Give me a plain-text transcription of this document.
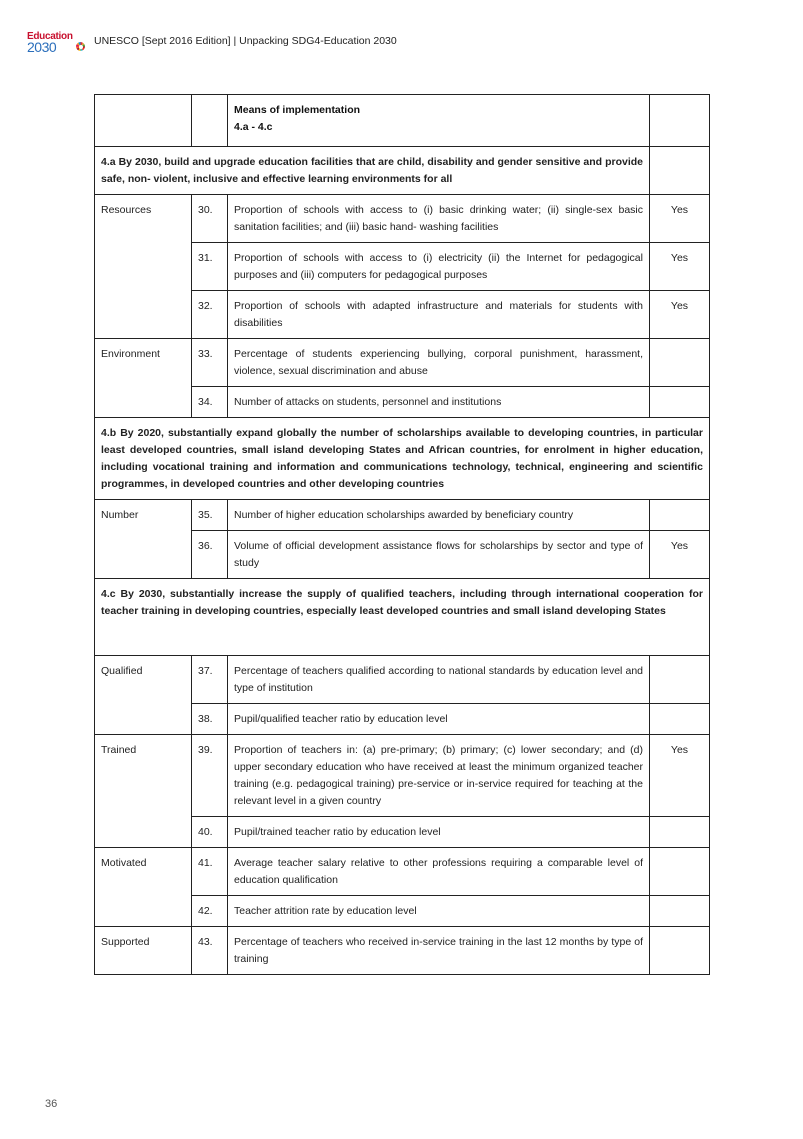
Education
2030	UNESCO [Sept 2016 Edition] | Unpacking SDG4-Education 2030

		Means of implementation
4.a - 4.c	

4.a By 2030, build and upgrade education facilities that are child, disability and gender sensitive and provide safe, non- violent, inclusive and effective learning environments for all			
Resources	30.	Proportion of schools with access to (i) basic drinking water; (ii) single-sex basic sanitation facilities; and (iii) basic hand- washing facilities	Yes
	31.	Proportion of schools with access to (i) electricity (ii) the Internet for pedagogical purposes and (iii) computers for pedagogical purposes	Yes
	32.	Proportion of schools with adapted infrastructure and materials for students with disabilities	Yes
Environment	33.	Percentage of students experiencing bullying, corporal punishment, harassment, violence, sexual discrimination and abuse	
	34.	Number of attacks on students, personnel and institutions	
4.b By 2020, substantially expand globally the number of scholarships available to developing countries, in particular least developed countries, small island developing States and African countries, for enrolment in higher education, including vocational training and information and communications technology, technical, engineering and scientific programmes, in developed countries and other developing countries			
Number	35.	Number of higher education scholarships awarded by beneficiary country	
	36.	Volume of official development assistance flows for scholarships by sector and type of study	Yes
4.c By 2030, substantially increase the supply of qualified teachers, including through international cooperation for teacher training in developing countries, especially least developed countries and small island developing States			
Qualified	37.	Percentage of teachers qualified according to national standards by education level and type of institution	
	38.	Pupil/qualified teacher ratio by education level	
Trained	39.	Proportion of teachers in: (a) pre-primary; (b) primary; (c) lower secondary; and (d) upper secondary education who have received at least the minimum organized teacher training (e.g. pedagogical training) pre-service or in-service required for teaching at the relevant level in a given country	Yes
	40.	Pupil/trained teacher ratio by education level	
Motivated	41.	Average teacher salary relative to other professions requiring a comparable level of education qualification	
	42.	Teacher attrition rate by education level	
Supported	43.	Percentage of teachers who received in-service training in the last 12 months by type of training	
36
